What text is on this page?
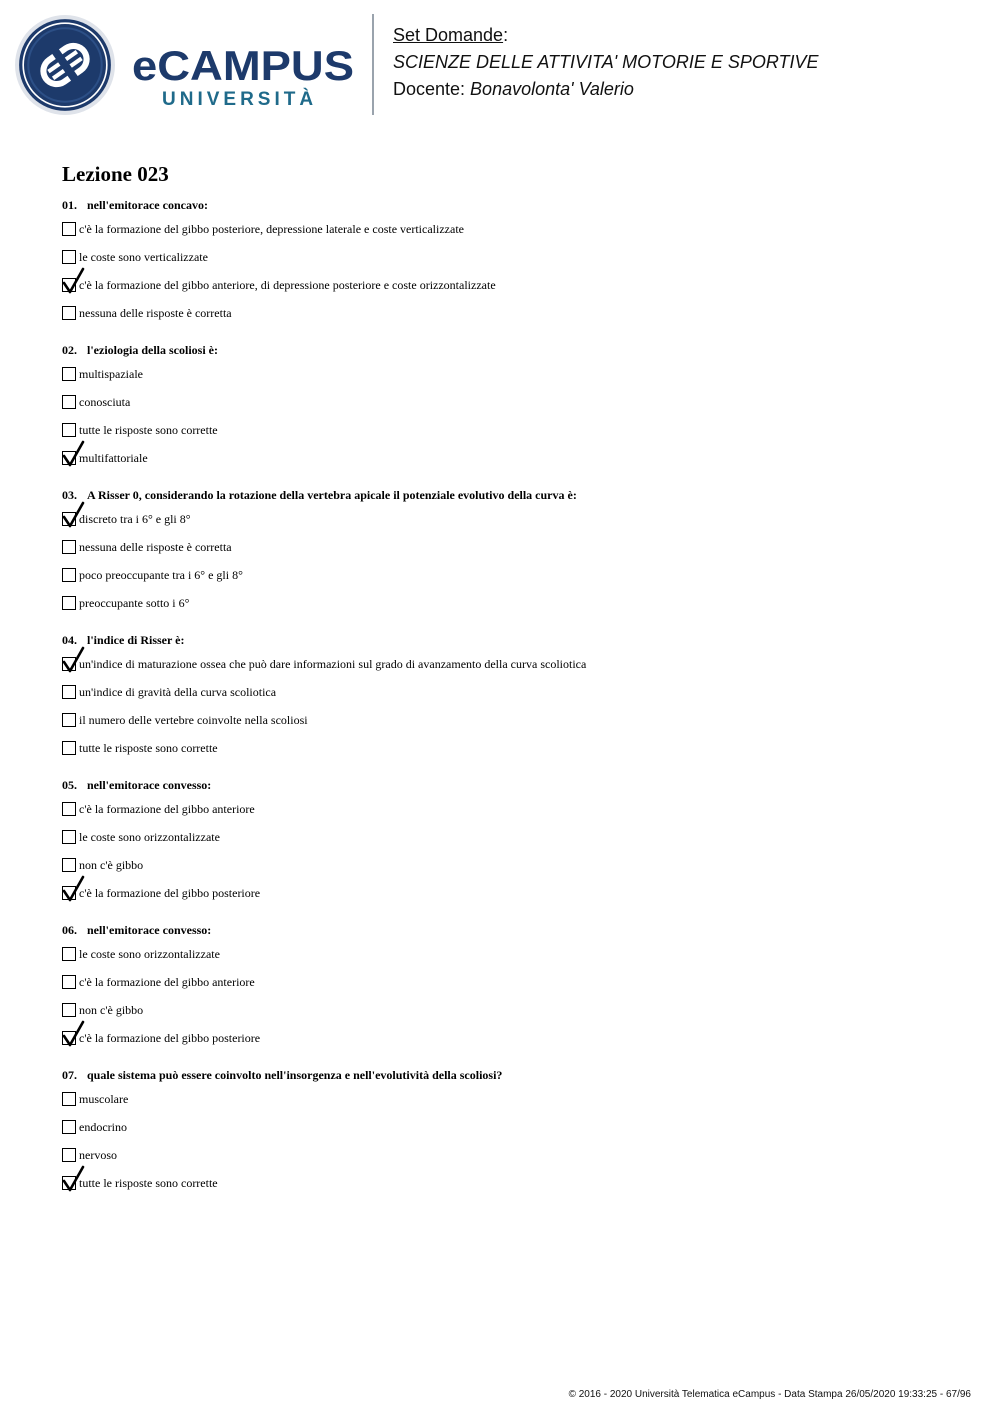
eCAMPUS
UNIVERSITÀ
Set Domande:
SCIENZE DELLE ATTIVITA' MOTORIE E SPORTIVE
Docente: Bonavolonta' Valerio
Lezione 023
01. nell'emitorace concavo:
c'è la formazione del gibbo posteriore, depressione laterale e coste verticalizzate
le coste sono verticalizzate
c'è la formazione del gibbo anteriore, di depressione posteriore e coste orizzontalizzate
nessuna delle risposte è corretta
02. l'eziologia della scoliosi è:
multispaziale
conosciuta
tutte le risposte sono corrette
multifattoriale
03. A Risser 0, considerando la rotazione della vertebra apicale il potenziale evolutivo della curva è:
discreto tra i 6° e gli 8°
nessuna delle risposte è corretta
poco preoccupante tra i 6° e gli 8°
preoccupante sotto i 6°
04. l'indice di Risser è:
un'indice di maturazione ossea che può dare informazioni sul grado di avanzamento della curva scoliotica
un'indice di gravità della curva scoliotica
il numero delle vertebre coinvolte nella scoliosi
tutte le risposte sono corrette
05. nell'emitorace convesso:
c'è la formazione del gibbo anteriore
le coste sono orizzontalizzate
non c'è gibbo
c'è la formazione del gibbo posteriore
06. nell'emitorace convesso:
le coste sono orizzontalizzate
c'è la formazione del gibbo anteriore
non c'è gibbo
c'è la formazione del gibbo posteriore
07. quale sistema può essere coinvolto nell'insorgenza e nell'evolutività della scoliosi?
muscolare
endocrino
nervoso
tutte le risposte sono corrette
© 2016 - 2020 Università Telematica eCampus - Data Stampa 26/05/2020 19:33:25 - 67/96
